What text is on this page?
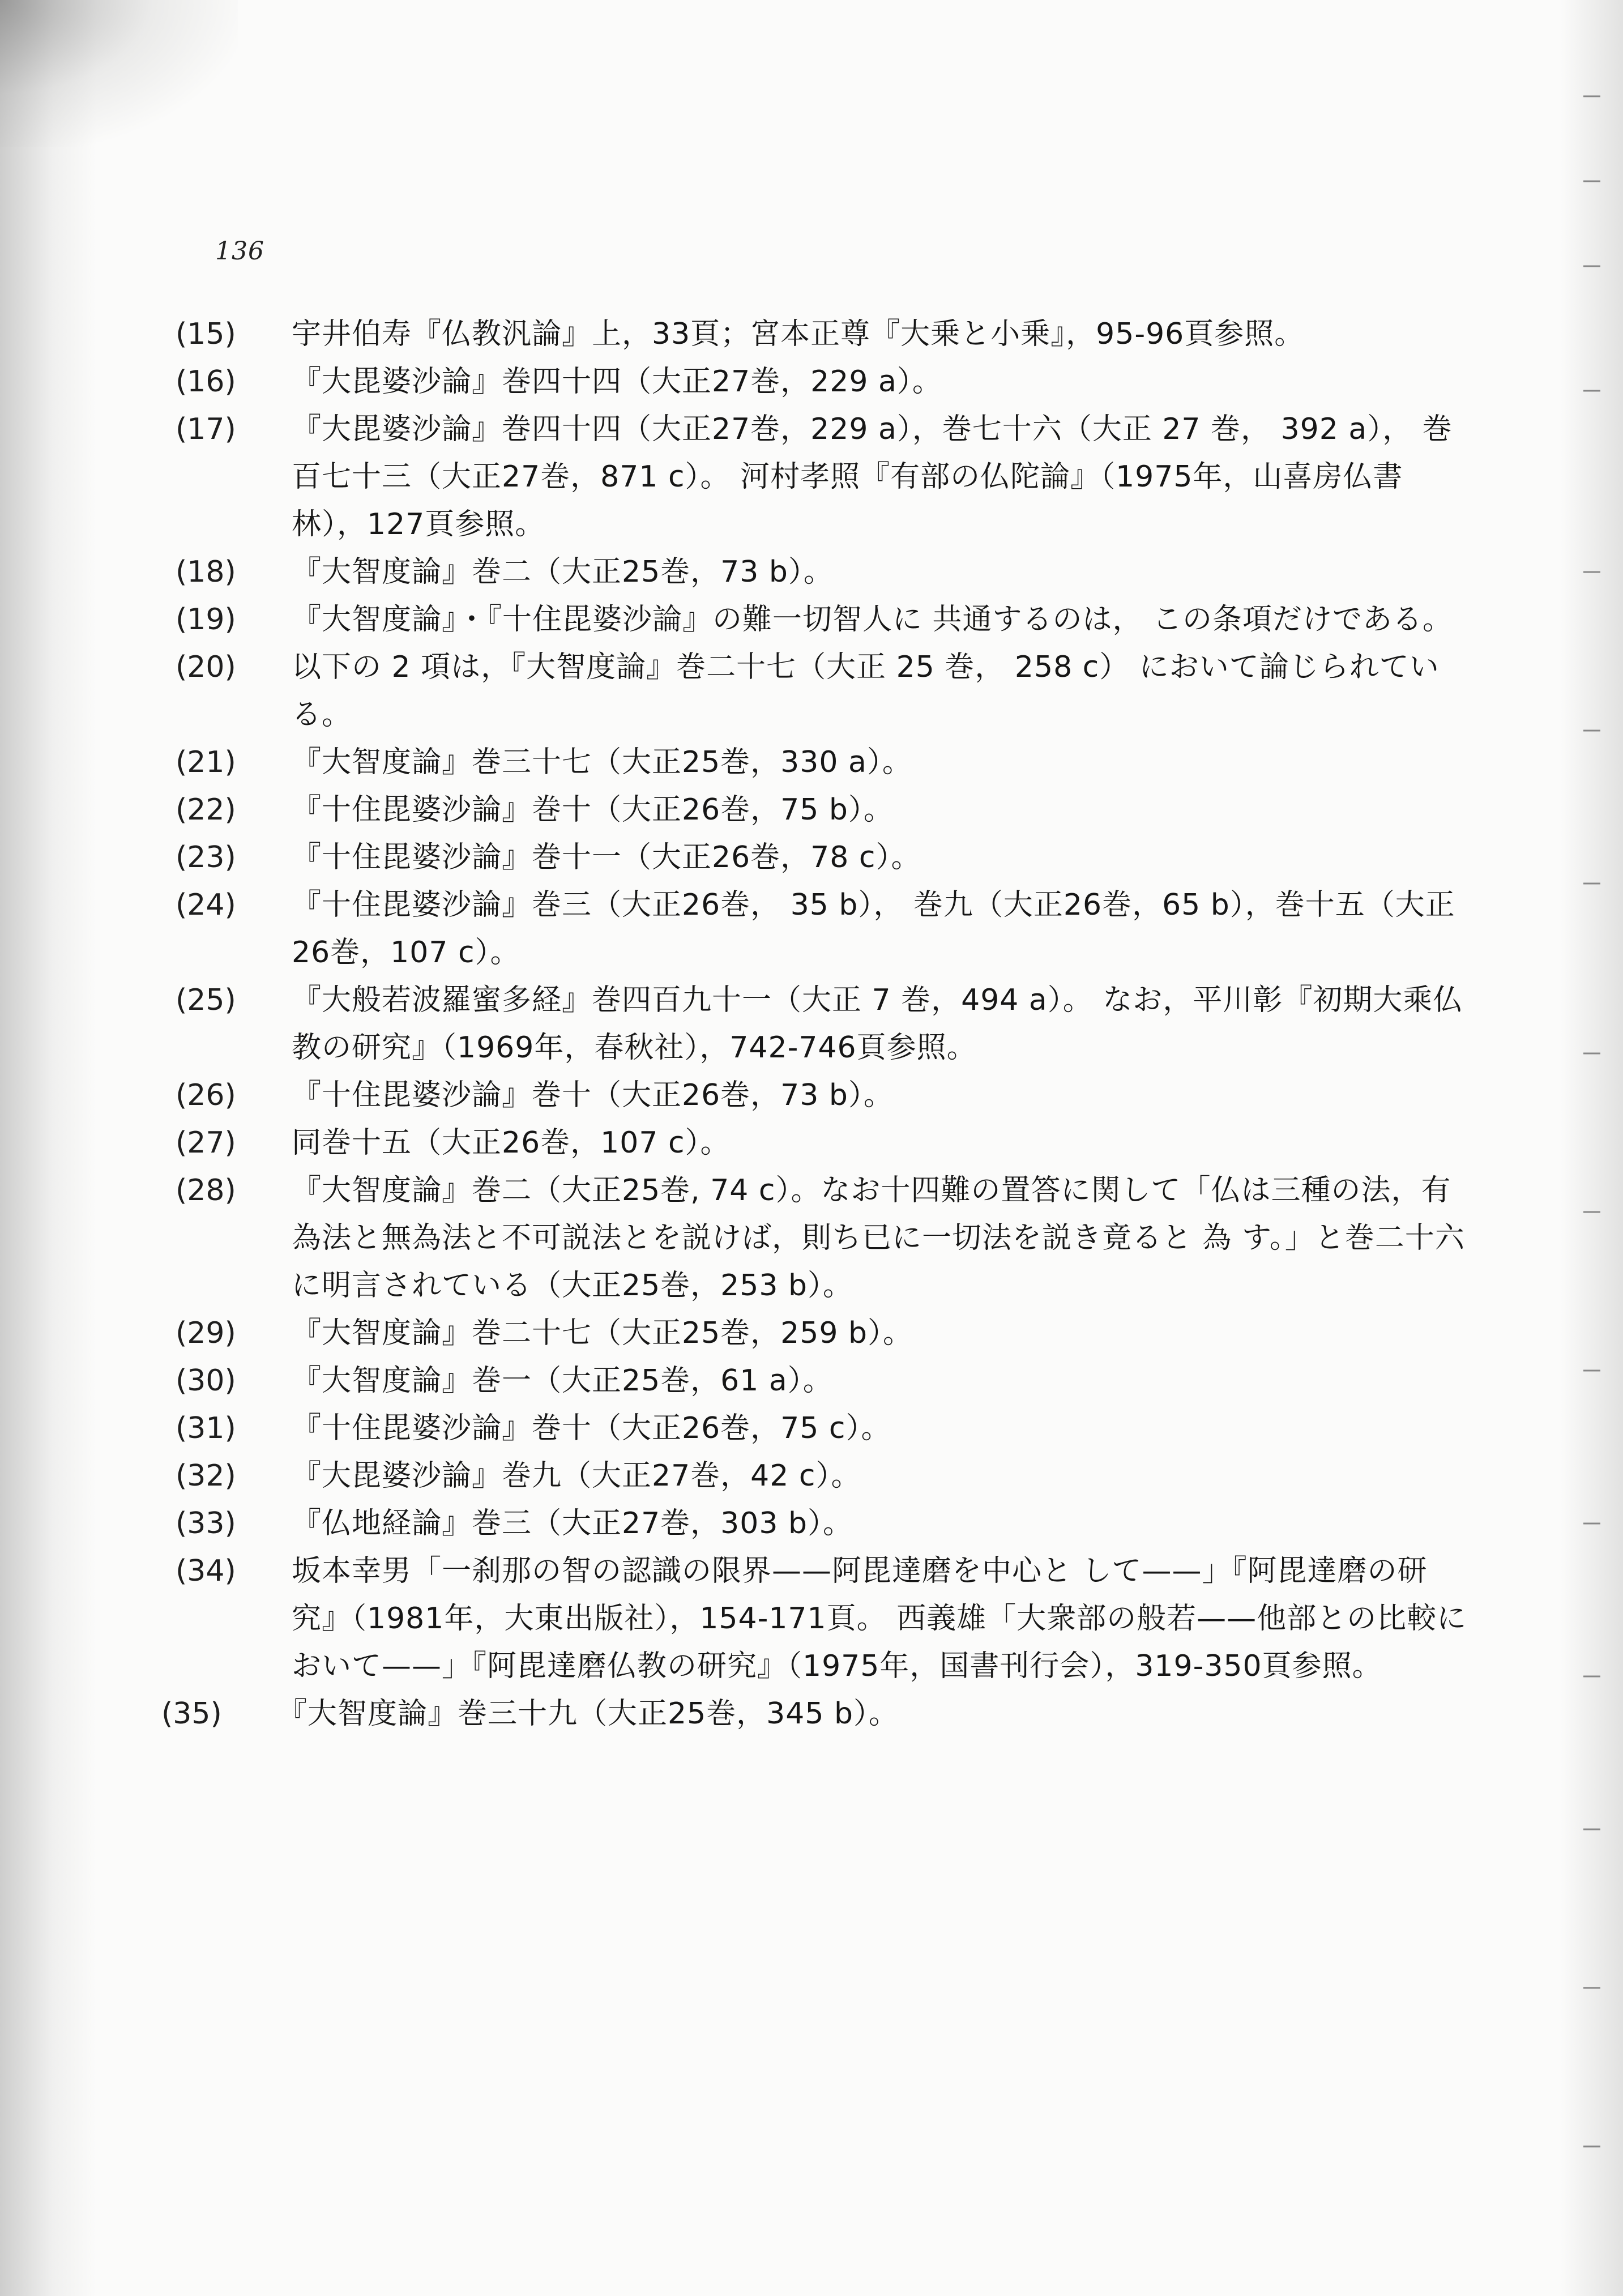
136
(15)	宇井伯寿『仏教汎論』上，33頁；宮本正尊『大乗と小乗』，95-96頁参照。
(16)	『大毘婆沙論』巻四十四（大正27巻，229 a）。
(17)	『大毘婆沙論』巻四十四（大正27巻，229 a），巻七十六（大正 27 巻， 392 a）， 巻百七十三（大正27巻，871 c）。 河村孝照『有部の仏陀論』（1975年，山喜房仏書林），127頁参照。
(18)	『大智度論』巻二（大正25巻，73 b）。
(19)	『大智度論』・『十住毘婆沙論』の難一切智人に 共通するのは， この条項だけである。
(20)	以下の 2 項は，『大智度論』巻二十七（大正 25 巻， 258 c） において論じられている。
(21)	『大智度論』巻三十七（大正25巻，330 a）。
(22)	『十住毘婆沙論』巻十（大正26巻，75 b）。
(23)	『十住毘婆沙論』巻十一（大正26巻，78 c）。
(24)	『十住毘婆沙論』巻三（大正26巻， 35 b）， 巻九（大正26巻，65 b），巻十五（大正26巻，107 c）。
(25)	『大般若波羅蜜多経』巻四百九十一（大正 7 巻，494 a）。 なお，平川彰『初期大乘仏教の研究』（1969年，春秋社），742-746頁参照。
(26)	『十住毘婆沙論』巻十（大正26巻，73 b）。
(27)	同巻十五（大正26巻，107 c）。
(28)	『大智度論』巻二（大正25巻, 74 c）。なお十四難の置答に関して「仏は三種の法，有為法と無為法と不可説法とを説けば，則ち已に一切法を説き竟ると 為 す。」と巻二十六に明言されている（大正25巻，253 b）。
(29)	『大智度論』巻二十七（大正25巻，259 b）。
(30)	『大智度論』巻一（大正25巻，61 a）。
(31)	『十住毘婆沙論』巻十（大正26巻，75 c）。
(32)	『大毘婆沙論』巻九（大正27巻，42 c）。
(33)	『仏地経論』巻三（大正27巻，303 b）。
(34)	坂本幸男「一刹那の智の認識の限界——阿毘達磨を中心と して——」『阿毘達磨の研究』（1981年，大東出版社），154-171頁。 西義雄「大衆部の般若——他部との比較において——」『阿毘達磨仏教の研究』（1975年，国書刊行会），319-350頁参照。
(35)	『大智度論』巻三十九（大正25巻，345 b）。
